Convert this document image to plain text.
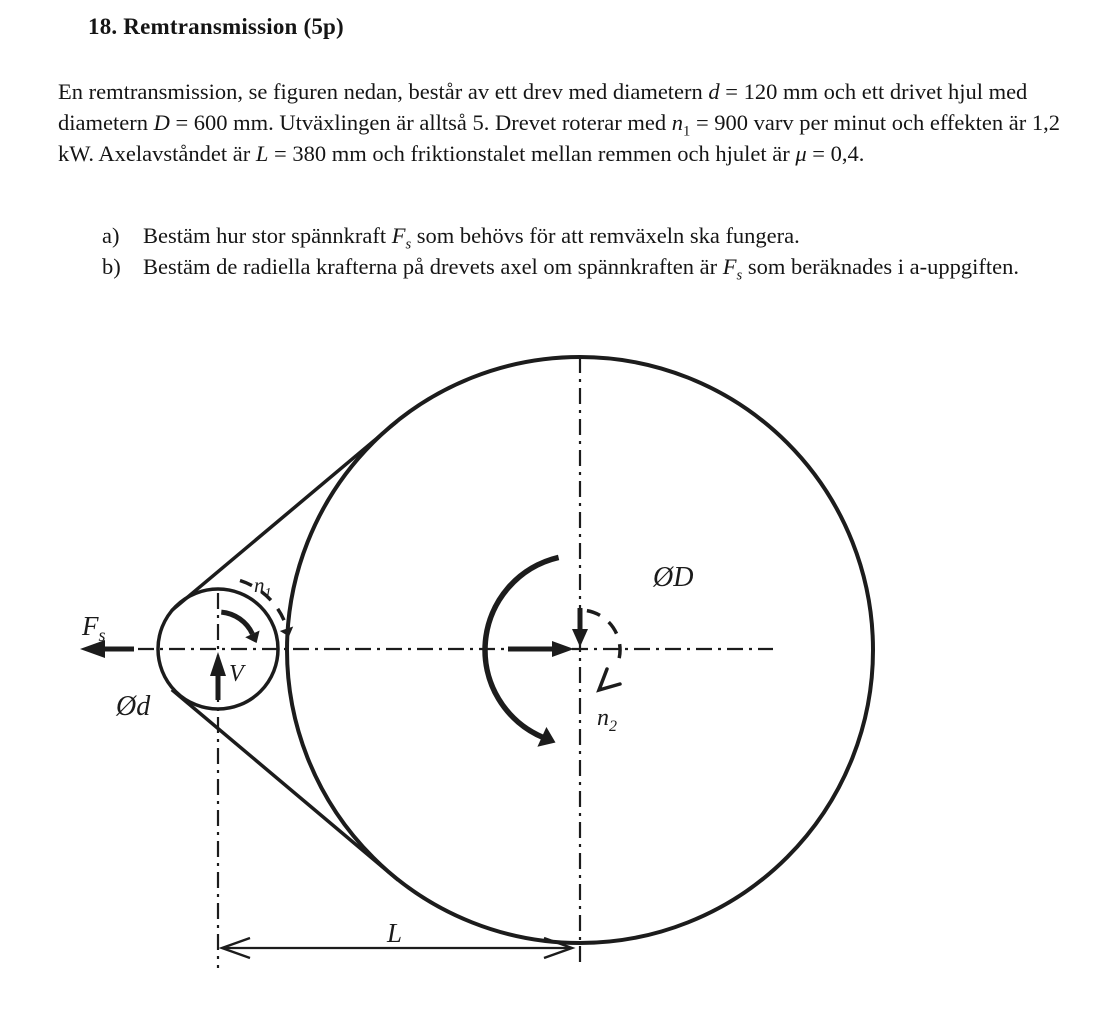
18. Remtransmission (5p)

En remtransmission, se figuren nedan, består av ett drev med diametern d = 120 mm och ett drivet hjul med diametern D = 600 mm. Utväxlingen är alltså 5. Drevet roterar med $n_1 = 900$ varv per minut och effekten är 1,2 kW. Axelavståndet är L = 380 mm och friktionstalet mellan remmen och hjulet är μ = 0,4.

a)	Bestäm hur stor spännkraft $F_s$ som behövs för att remväxeln ska fungera.
b) Bestäm de radiella krafterna på drevets axel om spännkraften är $F_s$ som beräknades i a-uppgiften.
$F_s$
Ød
V
$n_1$
ØD
$n_2$
L
